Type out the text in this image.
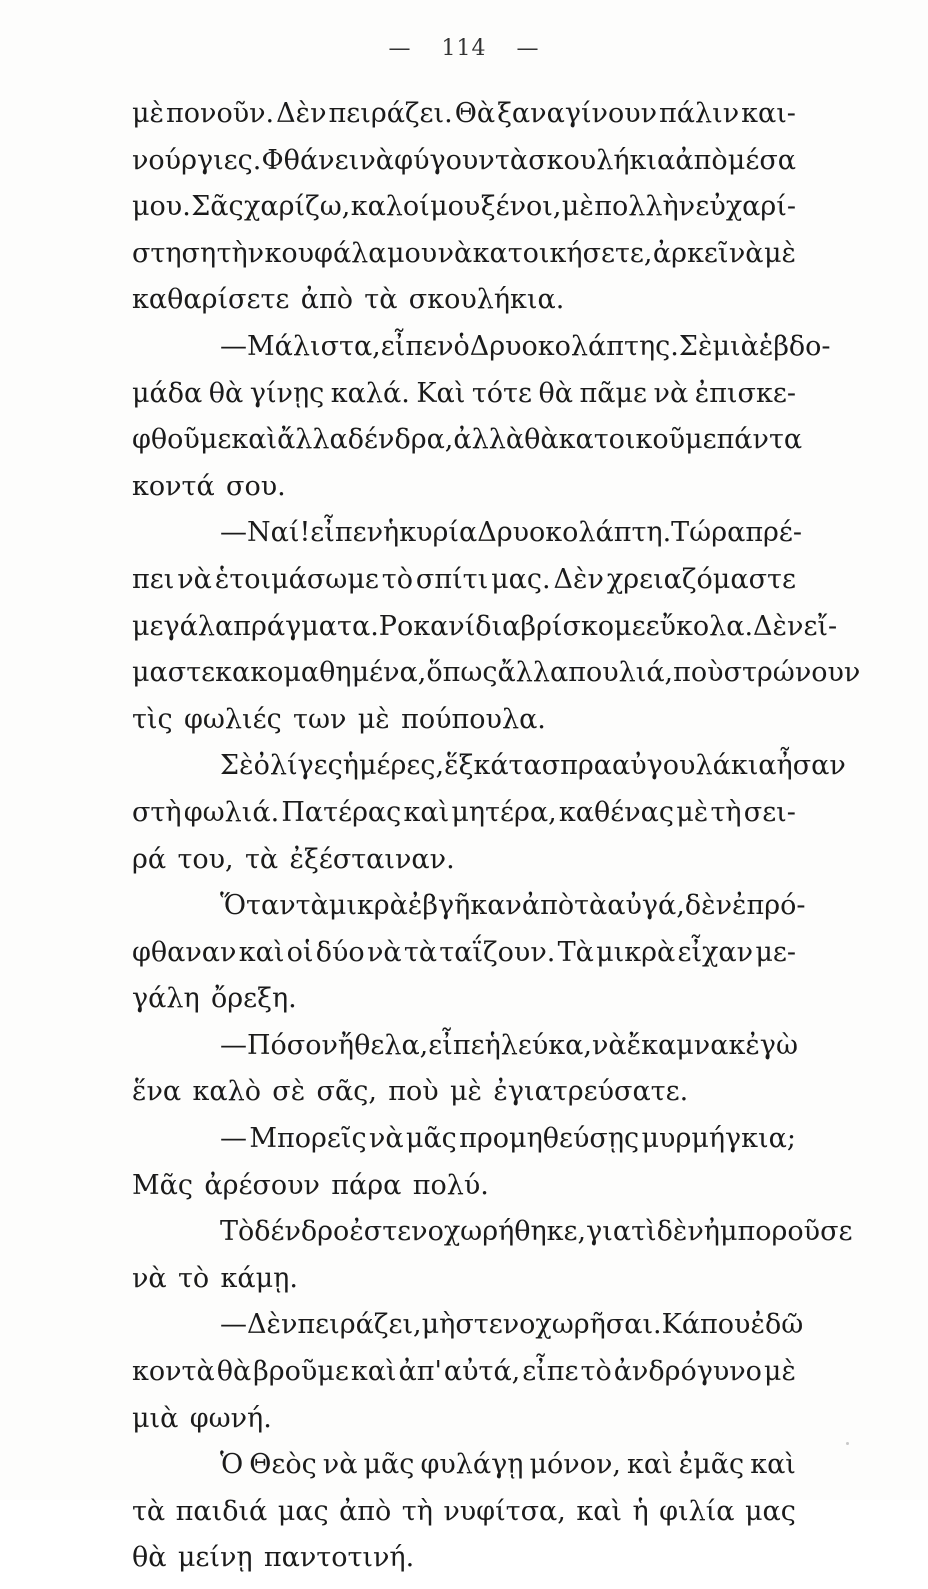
— 114 —
μὲ πονοῦν. Δὲν πειράζει. Θὰ ξαναγίνουν πάλιν και-
νούργιες. Φθάνει νὰ φύγουν τὰ σκουλήκια ἀπὸ μέσα
μου. Σᾶς χαρίζω, καλοί μου ξένοι, μὲ πολλὴν εὐχαρί-
στηση τὴν κουφάλα μου νὰ κατοικήσετε, ἀρκεῖ νὰ μὲ
καθαρίσετε ἀπὸ τὰ σκουλήκια.
— Μάλιστα, εἶπεν ὁ Δρυοκολάπτης. Σὲ μιὰ ἑβδο-
μάδα θὰ γίνῃς καλά. Καὶ τότε θὰ πᾶμε νὰ ἐπισκε-
φθοῦμε καὶ ἄλλα δένδρα, ἀλλὰ θὰ κατοικοῦμε πάντα
κοντά σου.
— Ναί! εἶπεν ἡ κυρία Δρυοκολάπτη. Τώρα πρέ-
πει νὰ ἑτοιμάσωμε τὸ σπίτι μας. Δὲν χρειαζόμαστε
μεγάλα πράγματα. Ροκανίδια βρίσκομε εὔκολα. Δὲν εἴ-
μαστε κακομαθημένα, ὅπως ἄλλα πουλιά, ποὺ στρώνουν
τὶς φωλιές των μὲ πούπουλα.
Σὲ ὀλίγες ἡμέρες, ἕξ κάτασπρα αὐγουλάκια ἦσαν
στὴ φωλιά. Πατέρας καὶ μητέρα, καθένας μὲ τὴ σει-
ρά του, τὰ ἐξέσταιναν.
Ὅταν τὰ μικρὰ ἐβγῆκαν ἀπὸ τὰ αὐγά, δὲν ἐπρό-
φθαναν καὶ οἱ δύο νὰ τὰ ταΐζουν. Τὰ μικρὰ εἶχαν με-
γάλη ὄρεξη.
— Πόσον ἤθελα, εἶπε ἡ λεύκα, νὰ ἔκαμνα κἐγὼ
ἕνα καλὸ σὲ σᾶς, ποὺ μὲ ἐγιατρεύσατε.
— Μπορεῖς νὰ μᾶς προμηθεύσῃς μυρμήγκια;
Μᾶς ἀρέσουν πάρα πολύ.
Τὸ δένδρο ἐστενοχωρήθηκε, γιατὶ δὲν ἠμποροῦσε
νὰ τὸ κάμῃ.
— Δὲν πειράζει, μὴ στενοχωρῆσαι. Κάπου ἐδῶ
κοντὰ θὰ βροῦμε καὶ ἀπ' αὐτά, εἶπε τὸ ἀνδρόγυνο μὲ
μιὰ φωνή.
Ὁ Θεὸς νὰ μᾶς φυλάγῃ μόνον, καὶ ἐμᾶς καὶ
τὰ παιδιά μας ἀπὸ τὴ νυφίτσα, καὶ ἡ φιλία μας
θὰ μείνῃ παντοτινή.
